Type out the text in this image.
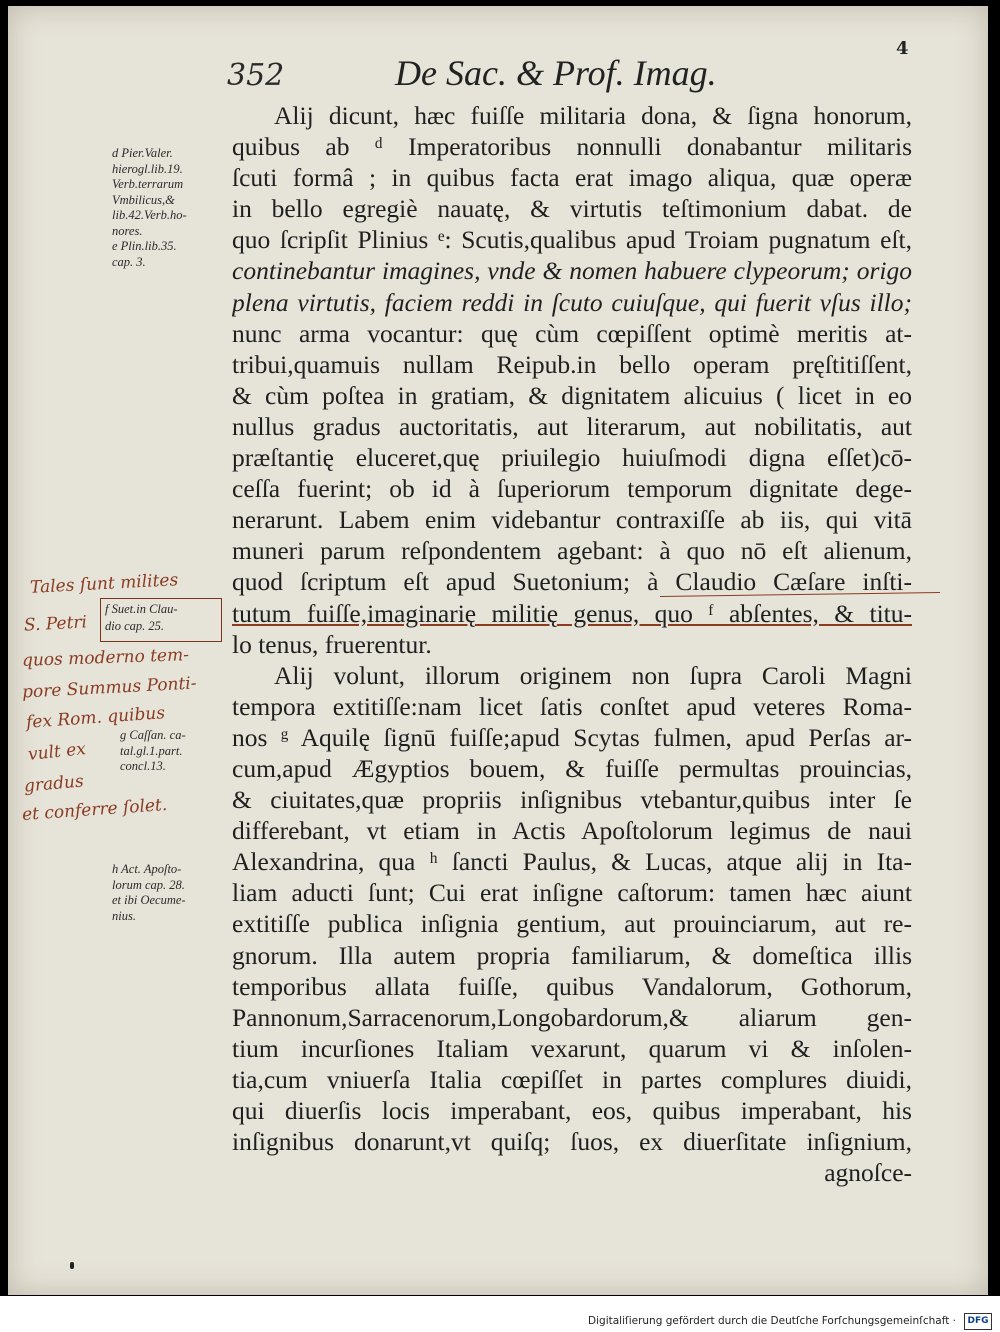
352	De Sac. & Prof. Imag.
4
Alij dicunt, hæc fuiſſe militaria dona, & ſigna honorum,
quibus ab ᵈ Imperatoribus nonnulli donabantur militaris
ſcuti formâ ; in quibus facta erat imago aliqua, quæ operæ
in bello egregiè nauatę, & virtutis teſtimonium dabat. de
quo ſcripſit Plinius ᵉ: Scutis,qualibus apud Troiam pugnatum eſt,
continebantur imagines, vnde & nomen habuere clypeorum; origo
plena virtutis, faciem reddi in ſcuto cuiuſque, qui fuerit vſus illo;
nunc arma vocantur: quę cùm cœpiſſent optimè meritis at-
tribui,quamuis nullam Reipub.in bello operam pręſtitiſſent,
& cùm poſtea in gratiam, & dignitatem alicuius ( licet in eo
nullus gradus auctoritatis, aut literarum, aut nobilitatis, aut
præſtantię eluceret,quę priuilegio huiuſmodi digna eſſet)cō-
ceſſa fuerint; ob id à ſuperiorum temporum dignitate dege-
nerarunt. Labem enim videbantur contraxiſſe ab iis, qui vitā
muneri parum reſpondentem agebant: à quo nō eſt alienum,
quod ſcriptum eſt apud Suetonium; à Claudio Cæſare inſti-
tutum fuiſſe,imaginarię militię genus, quo ᶠ abſentes, & titu-
lo tenus, fruerentur.
Alij volunt, illorum originem non ſupra Caroli Magni
tempora extitiſſe:nam licet ſatis conſtet apud veteres Roma-
nos ᵍ Aquilę ſignū fuiſſe;apud Scytas fulmen, apud Perſas ar-
cum,apud Ægyptios bouem, & fuiſſe permultas prouincias,
& ciuitates,quæ propriis inſignibus vtebantur,quibus inter ſe
differebant, vt etiam in Actis Apoſtolorum legimus de naui
Alexandrina, qua ʰ ſancti Paulus, & Lucas, atque alij in Ita-
liam aducti ſunt; Cui erat inſigne caſtorum: tamen hæc aiunt
extitiſſe publica inſignia gentium, aut prouinciarum, aut re-
gnorum. Illa autem propria familiarum, & domeſtica illis
temporibus allata fuiſſe, quibus Vandalorum, Gothorum,
Pannonum,Sarracenorum,Longobardorum,& aliarum gen-
tium incurſiones Italiam vexarunt, quarum vi & inſolen-
tia,cum vniuerſa Italia cœpiſſet in partes complures diuidi,
qui diuerſis locis imperabant, eos, quibus imperabant, his
inſignibus donarunt,vt quiſq; ſuos, ex diuerſitate inſignium,
agnoſce-
d Pier.Valer.
hierogl.lib.19.
Verb.terrarum
Vmbilicus,&
lib.42.Verb.ho-
nores.
e Plin.lib.35.
cap. 3.
g Caſſan. ca-
tal.gl.1.part.
concl.13.
h Act. Apoſto-
lorum cap. 28.
et ibi Oecume-
nius.
f Suet.in Clau-
dio cap. 25.
Tales ſunt milites
S. Petri
quos moderno tem-
pore Summus Ponti-
fex Rom. quibus
vult ex
gradus
et conferre ſolet.
Digitaliſierung gefördert durch die Deutſche Forſchungsgemeinſchaft ·	DFG
